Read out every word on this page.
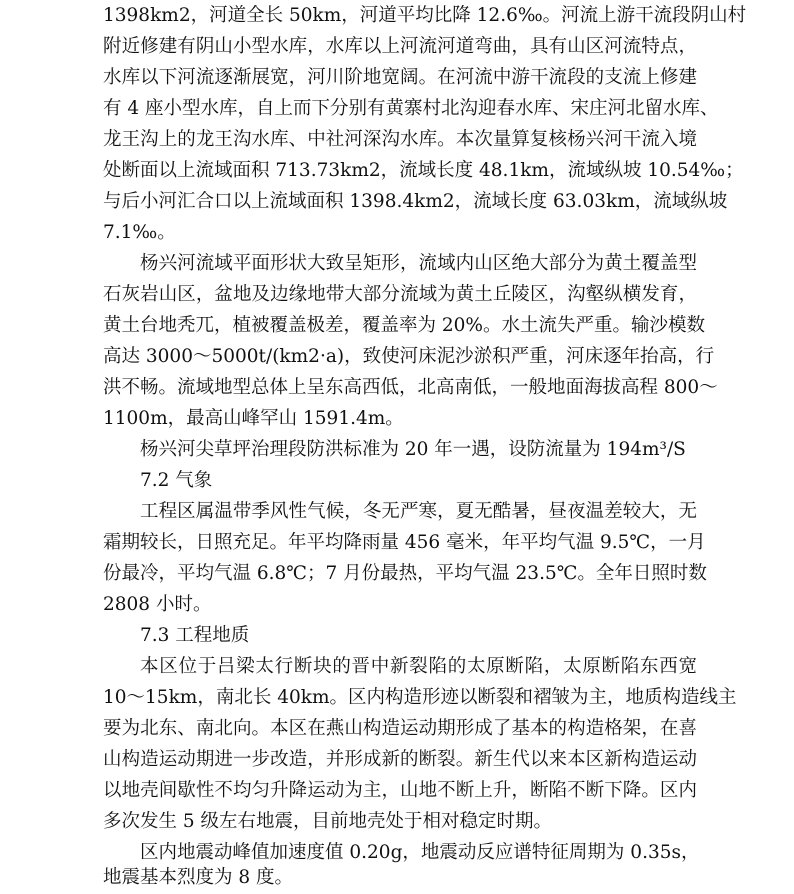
1398km2，河道全长 50km，河道平均比降 12.6‰。河流上游干流段阴山村
附近修建有阴山小型水库，水库以上河流河道弯曲，具有山区河流特点，
水库以下河流逐渐展宽，河川阶地宽阔。在河流中游干流段的支流上修建
有 4 座小型水库，自上而下分别有黄寨村北沟迎春水库、宋庄河北留水库、
龙王沟上的龙王沟水库、中社河深沟水库。本次量算复核杨兴河干流入境
处断面以上流域面积 713.73km2，流域长度 48.1km，流域纵坡 10.54‰；
与后小河汇合口以上流域面积 1398.4km2，流域长度 63.03km，流域纵坡
7.1‰。
杨兴河流域平面形状大致呈矩形，流域内山区绝大部分为黄土覆盖型
石灰岩山区，盆地及边缘地带大部分流域为黄土丘陵区，沟壑纵横发育，
黄土台地秃兀，植被覆盖极差，覆盖率为 20%。水土流失严重。输沙模数
高达 3000～5000t/(km2·a)，致使河床泥沙淤积严重，河床逐年抬高，行
洪不畅。流域地型总体上呈东高西低，北高南低，一般地面海拔高程 800～
1100m，最高山峰罕山 1591.4m。
杨兴河尖草坪治理段防洪标准为 20 年一遇，设防流量为 194m³/S
7.2 气象
工程区属温带季风性气候，冬无严寒，夏无酷暑，昼夜温差较大，无
霜期较长，日照充足。年平均降雨量 456 毫米，年平均气温 9.5℃，一月
份最冷，平均气温 6.8℃；7 月份最热，平均气温 23.5℃。全年日照时数
2808 小时。
7.3 工程地质
本区位于吕梁太行断块的晋中新裂陷的太原断陷，太原断陷东西宽
10～15km，南北长 40km。区内构造形迹以断裂和褶皱为主，地质构造线主
要为北东、南北向。本区在燕山构造运动期形成了基本的构造格架，在喜
山构造运动期进一步改造，并形成新的断裂。新生代以来本区新构造运动
以地壳间歇性不均匀升降运动为主，山地不断上升，断陷不断下降。区内
多次发生 5 级左右地震，目前地壳处于相对稳定时期。
区内地震动峰值加速度值 0.20g，地震动反应谱特征周期为 0.35s，
地震基本烈度为 8 度。
